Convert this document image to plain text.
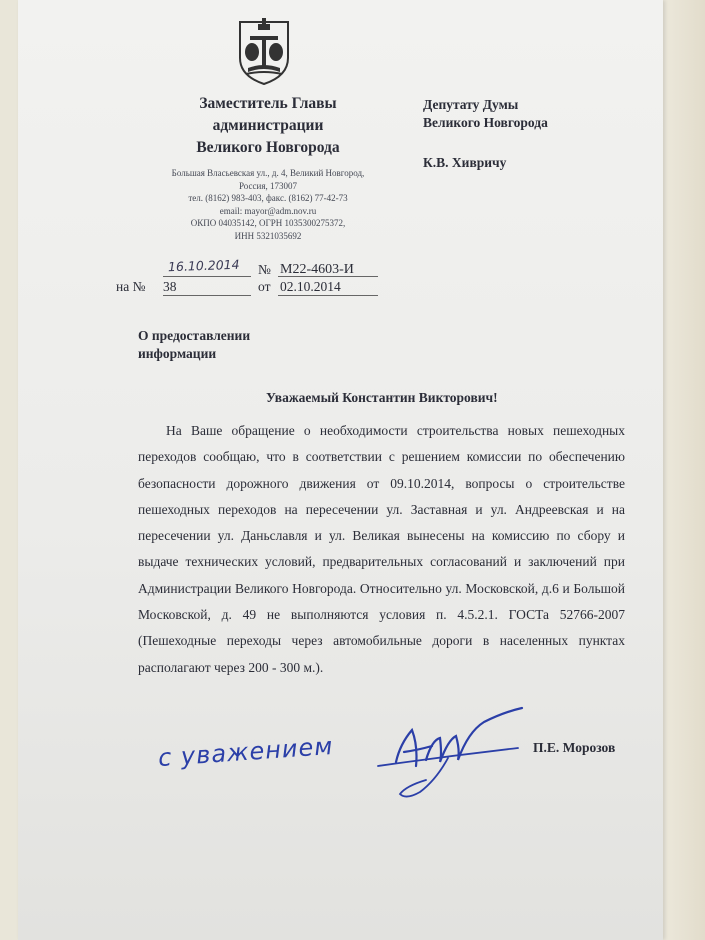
Заместитель Главы
администрации
Великого Новгорода
Большая Власьевская ул., д. 4, Великий Новгород,
Россия, 173007
тел. (8162) 983-403, факс. (8162) 77-42-73
email: mayor@adm.nov.ru
ОКПО 04035142, ОГРН 1035300275372,
ИНН 5321035692
Депутату Думы
Великого Новгорода
К.В. Хивричу
16.10.2014 № М22-4603-И
на № 38	от 02.10.2014
О предоставлении
информации
Уважаемый Константин Викторович!
На Ваше обращение о необходимости строительства новых пешеходных переходов сообщаю, что в соответствии с решением комиссии по обеспечению безопасности дорожного движения от 09.10.2014, вопросы о строительстве пешеходных переходов на пересечении ул. Заставная и ул. Андреевская и на пересечении ул. Даньславля и ул. Великая вынесены на комиссию по сбору и выдаче технических условий, предварительных согласований и заключений при Администрации Великого Новгорода. Относительно ул. Московской, д.6 и Большой Московской, д. 49 не выполняются условия п. 4.5.2.1. ГОСТа 52766-2007 (Пешеходные переходы через автомобильные дороги в населенных пунктах располагают через 200 - 300 м.).
с уважением	П.Е. Морозов
